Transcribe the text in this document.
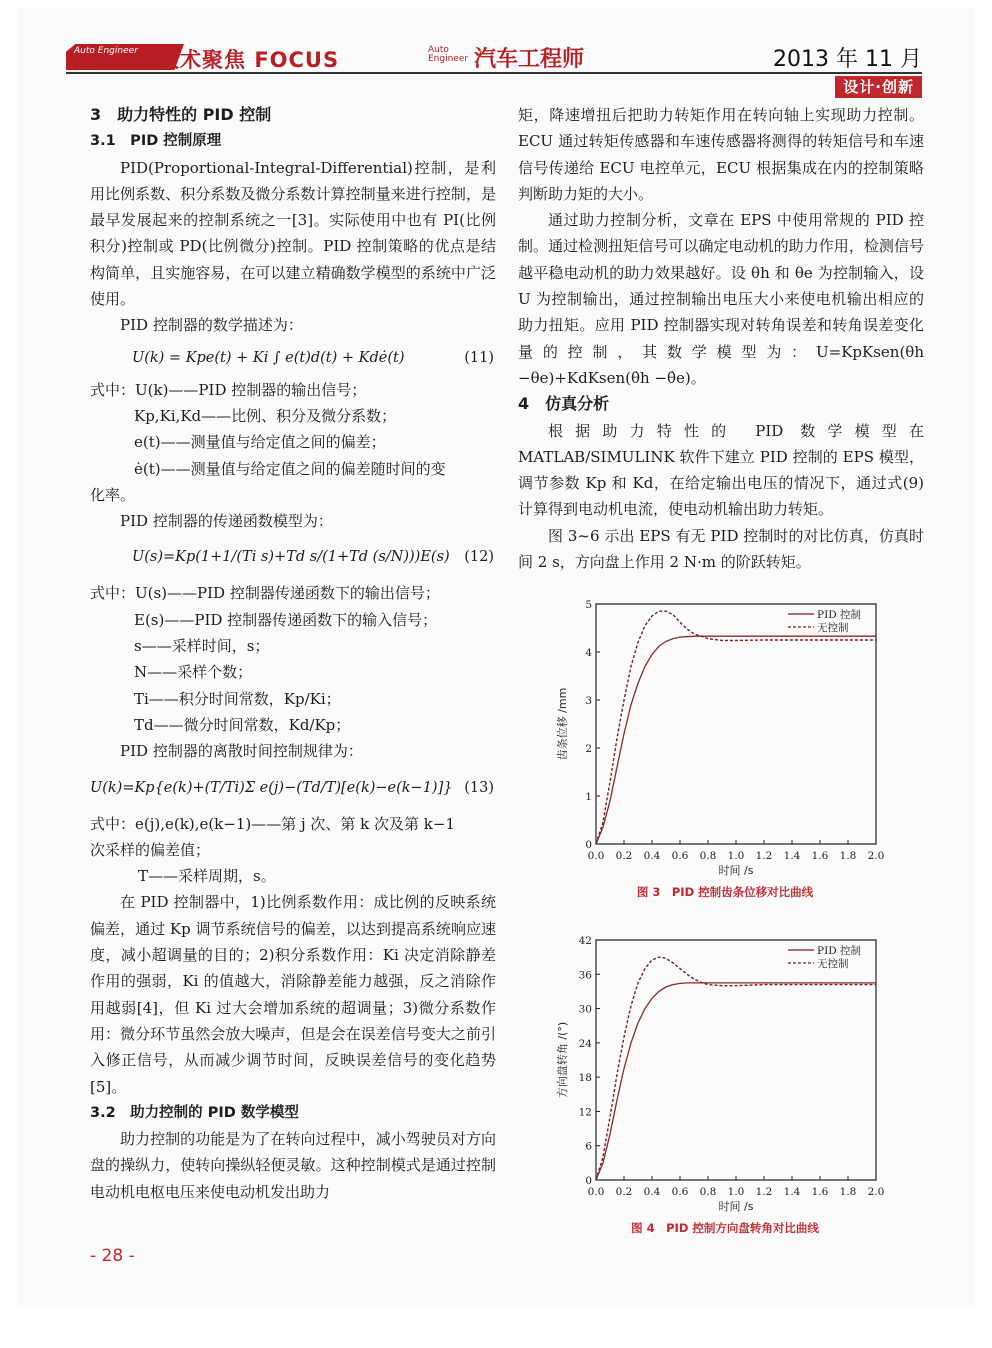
Auto Engineer 技术聚焦 FOCUS	Auto
Engineer 汽车工程师	2013 年 11 月
设计·创新

3　助力特性的 PID 控制

3.1　PID 控制原理

PID(Proportional-Integral-Differential)控制，是利用比例系数、积分系数及微分系数计算控制量来进行控制，是最早发展起来的控制系统之一[3]。实际使用中也有 PI(比例积分)控制或 PD(比例微分)控制。PID 控制策略的优点是结构简单，且实施容易，在可以建立精确数学模型的系统中广泛使用。

PID 控制器的数学描述为：

U(k) = Kpe(t) + Ki ∫ e(t)d(t) + Kdė(t)	(11)

式中：U(k)——PID 控制器的输出信号；

Kp,Ki,Kd——比例、积分及微分系数；

e(t)——测量值与给定值之间的偏差；

ė(t)——测量值与给定值之间的偏差随时间的变

化率。

PID 控制器的传递函数模型为：

U(s)=Kp(1+1/(Ti s)+Td s/(1+Td (s/N)))E(s) (12)

式中：U(s)——PID 控制器传递函数下的输出信号；

E(s)——PID 控制器传递函数下的输入信号；

s——采样时间，s；

N——采样个数；

Ti——积分时间常数，Kp/Ki；

Td——微分时间常数，Kd/Kp；

PID 控制器的离散时间控制规律为：

U(k)=Kp{e(k)+(T/Ti)Σ e(j)−(Td/T)[e(k)−e(k−1)]} (13)

式中：e(j),e(k),e(k−1)——第 j 次、第 k 次及第 k−1

次采样的偏差值；

T——采样周期，s。

在 PID 控制器中，1)比例系数作用：成比例的反映系统偏差，通过 Kp 调节系统信号的偏差，以达到提高系统响应速度，减小超调量的目的；2)积分系数作用：Ki 决定消除静差作用的强弱，Ki 的值越大，消除静差能力越强，反之消除作用越弱[4]，但 Ki 过大会增加系统的超调量；3)微分系数作用：微分环节虽然会放大噪声，但是会在误差信号变大之前引入修正信号，从而减少调节时间，反映误差信号的变化趋势[5]。

3.2　助力控制的 PID 数学模型

助力控制的功能是为了在转向过程中，减小驾驶员对方向盘的操纵力，使转向操纵轻便灵敏。这种控制模式是通过控制电动机电枢电压来使电动机发出助力

矩，降速增扭后把助力转矩作用在转向轴上实现助力控制。ECU 通过转矩传感器和车速传感器将测得的转矩信号和车速信号传递给 ECU 电控单元，ECU 根据集成在内的控制策略判断助力矩的大小。

通过助力控制分析，文章在 EPS 中使用常规的 PID 控制。通过检测扭矩信号可以确定电动机的助力作用，检测信号越平稳电动机的助力效果越好。设 θh 和 θe 为控制输入，设 U 为控制输出，通过控制输出电压大小来使电机输出相应的助力扭矩。应用 PID 控制器实现对转角误差和转角误差变化量的控制，其数学模型为：U=KpKsen(θh −θe)+KdKsen(θ̇h −θ̇e)。

4　仿真分析

根据助力特性的 PID 数学模型在 MATLAB/SIMULINK 软件下建立 PID 控制的 EPS 模型，调节参数 Kp 和 Kd，在给定输出电压的情况下，通过式(9)计算得到电动机电流，使电动机输出助力转矩。

图 3~6 示出 EPS 有无 PID 控制时的对比仿真，仿真时间 2 s，方向盘上作用 2 N·m 的阶跃转矩。

0.0 0.2 0.4 0.6 0.8 1.0 1.2 1.4 1.6 1.8 2.0
0
1
2
3
4
5
时间 /s
齿条位移 /mm
PID 控制
无控制
图 3　PID 控制齿条位移对比曲线
0.0 0.2 0.4 0.6 0.8 1.0 1.2 1.4 1.6 1.8 2.0
0
6
12
18
24
30
36
42
时间 /s
方向盘转角 /(°)
PID 控制
无控制
图 4　PID 控制方向盘转角对比曲线
- 28 -
